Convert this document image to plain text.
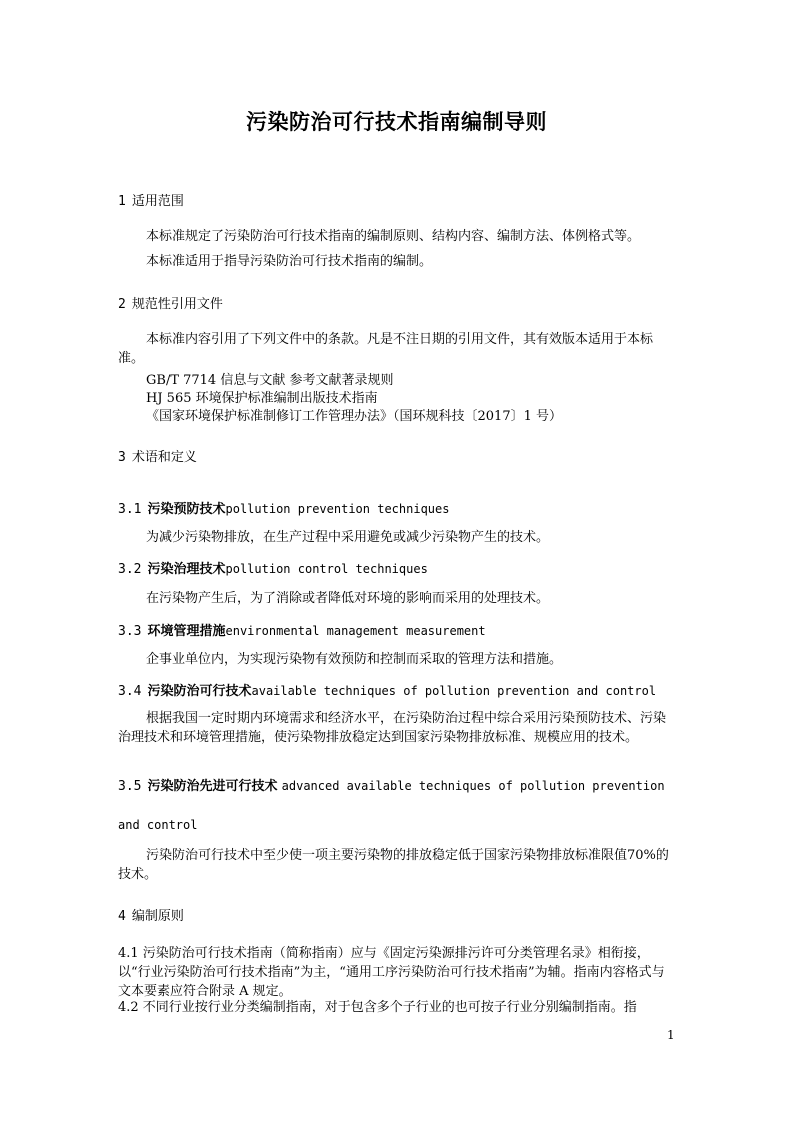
污染防治可行技术指南编制导则
1 适用范围
本标准规定了污染防治可行技术指南的编制原则、结构内容、编制方法、体例格式等。
本标准适用于指导污染防治可行技术指南的编制。
2 规范性引用文件
本标准内容引用了下列文件中的条款。凡是不注日期的引用文件，其有效版本适用于本标准。
GB/T 7714 信息与文献 参考文献著录规则
HJ 565 环境保护标准编制出版技术指南
《国家环境保护标准制修订工作管理办法》（国环规科技〔2017〕1 号）
3 术语和定义
3.1 污染预防技术pollution prevention techniques
为减少污染物排放，在生产过程中采用避免或减少污染物产生的技术。
3.2 污染治理技术pollution control techniques
在污染物产生后，为了消除或者降低对环境的影响而采用的处理技术。
3.3 环境管理措施environmental management measurement
企事业单位内，为实现污染物有效预防和控制而采取的管理方法和措施。
3.4 污染防治可行技术available techniques of pollution prevention and control
根据我国一定时期内环境需求和经济水平，在污染防治过程中综合采用污染预防技术、污染治理技术和环境管理措施，使污染物排放稳定达到国家污染物排放标准、规模应用的技术。
3.5 污染防治先进可行技术 advanced available techniques of pollution prevention
and control
污染防治可行技术中至少使一项主要污染物的排放稳定低于国家污染物排放标准限值70%的技术。
4 编制原则
4.1 污染防治可行技术指南（简称指南）应与《固定污染源排污许可分类管理名录》相衔接，以“行业污染防治可行技术指南”为主，“通用工序污染防治可行技术指南”为辅。指南内容格式与文本要素应符合附录 A 规定。
4.2 不同行业按行业分类编制指南，对于包含多个子行业的也可按子行业分别编制指南。指
1
